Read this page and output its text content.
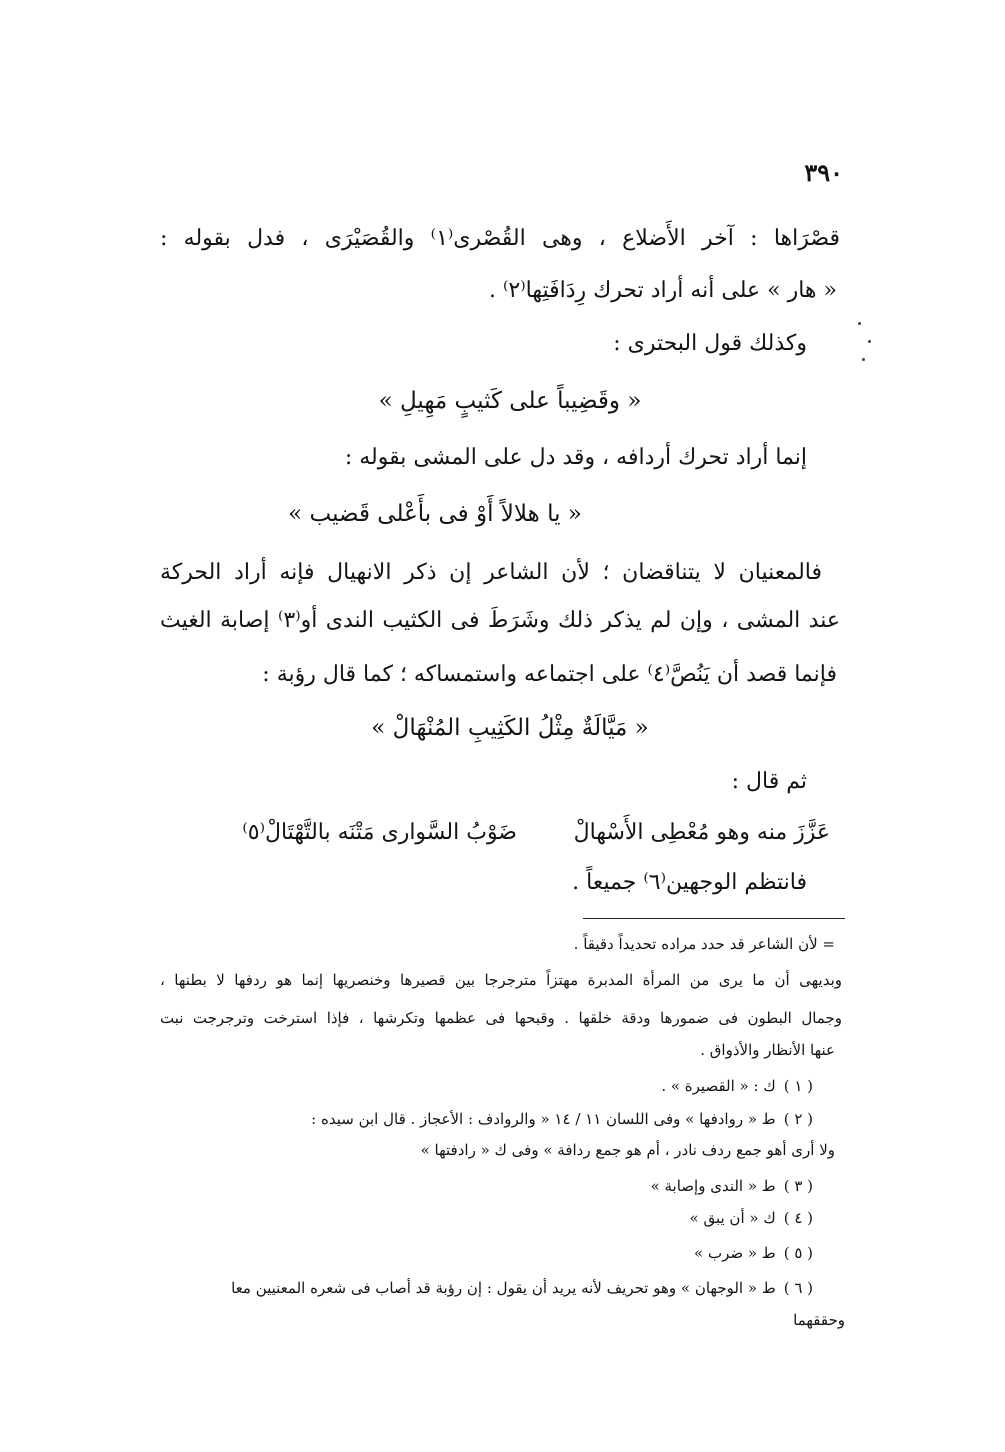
٣٩٠
قصْرَاها : آخر الأَضلاع ، وهى القُصْرى⁽١⁾ والقُصَيْرَى ، فدل بقوله :
« هار » على أنه أراد تحرك رِدَافَتِها⁽٢⁾ .
وكذلك قول البحترى :
« وقَضِيباً على كَثيبٍ مَهِيلِ »
إنما أراد تحرك أردافه ، وقد دل على المشى بقوله :
« يا هلالاً أَوْ فى بأَعْلى قَضيب »
فالمعنيان لا يتناقضان ؛ لأن الشاعر إن ذكر الانهيال فإنه أراد الحركة
عند المشى ، وإن لم يذكر ذلك وشَرَطَ فى الكثيب الندى أو⁽٣⁾ إصابة الغيث
فإنما قصد أن يَنُصَّ⁽٤⁾ على اجتماعه واستمساكه ؛ كما قال رؤبة :
« مَيَّالَةٌ مِثْلُ الكَثِيبِ المُنْهَالْ »
ثم قال :
عَزَّزَ منه وهو مُعْطِى الأَسْهالْ
ضَوْبُ السَّوارى مَتْنَه بالتَّهْتَالْ⁽٥⁾
فانتظم الوجهين⁽٦⁾ جميعاً .
= لأن الشاعر قد حدد مراده تحديداً دقيقاً .
وبديهى أن ما يرى من المرأة المدبرة مهتزاً مترجرجا بين قصيرها وخنصريها إنما هو ردفها لا بطنها ،
وجمال البطون فى ضمورها ودقة خلقها . وقبحها فى عظمها وتكرشها ، فإذا استرخت وترجرجت نبت
عنها الأنظار والأذواق .
( ١ )ك : « القصيرة » .
( ٢ )ط « روادفها » وفى اللسان ١١ / ١٤ « والروادف : الأعجاز . قال ابن سيده :
ولا أرى أهو جمع ردف نادر ، أم هو جمع ردافة » وفى ك « رادفتها »
( ٣ )ط « الندى وإصابة »
( ٤ )ك « أن يبق »
( ٥ )ط « ضرب »
( ٦ )ط « الوجهان » وهو تحريف لأنه يريد أن يقول : إن رؤبة قد أصاب فى شعره المعنيين معا
وحققهما
